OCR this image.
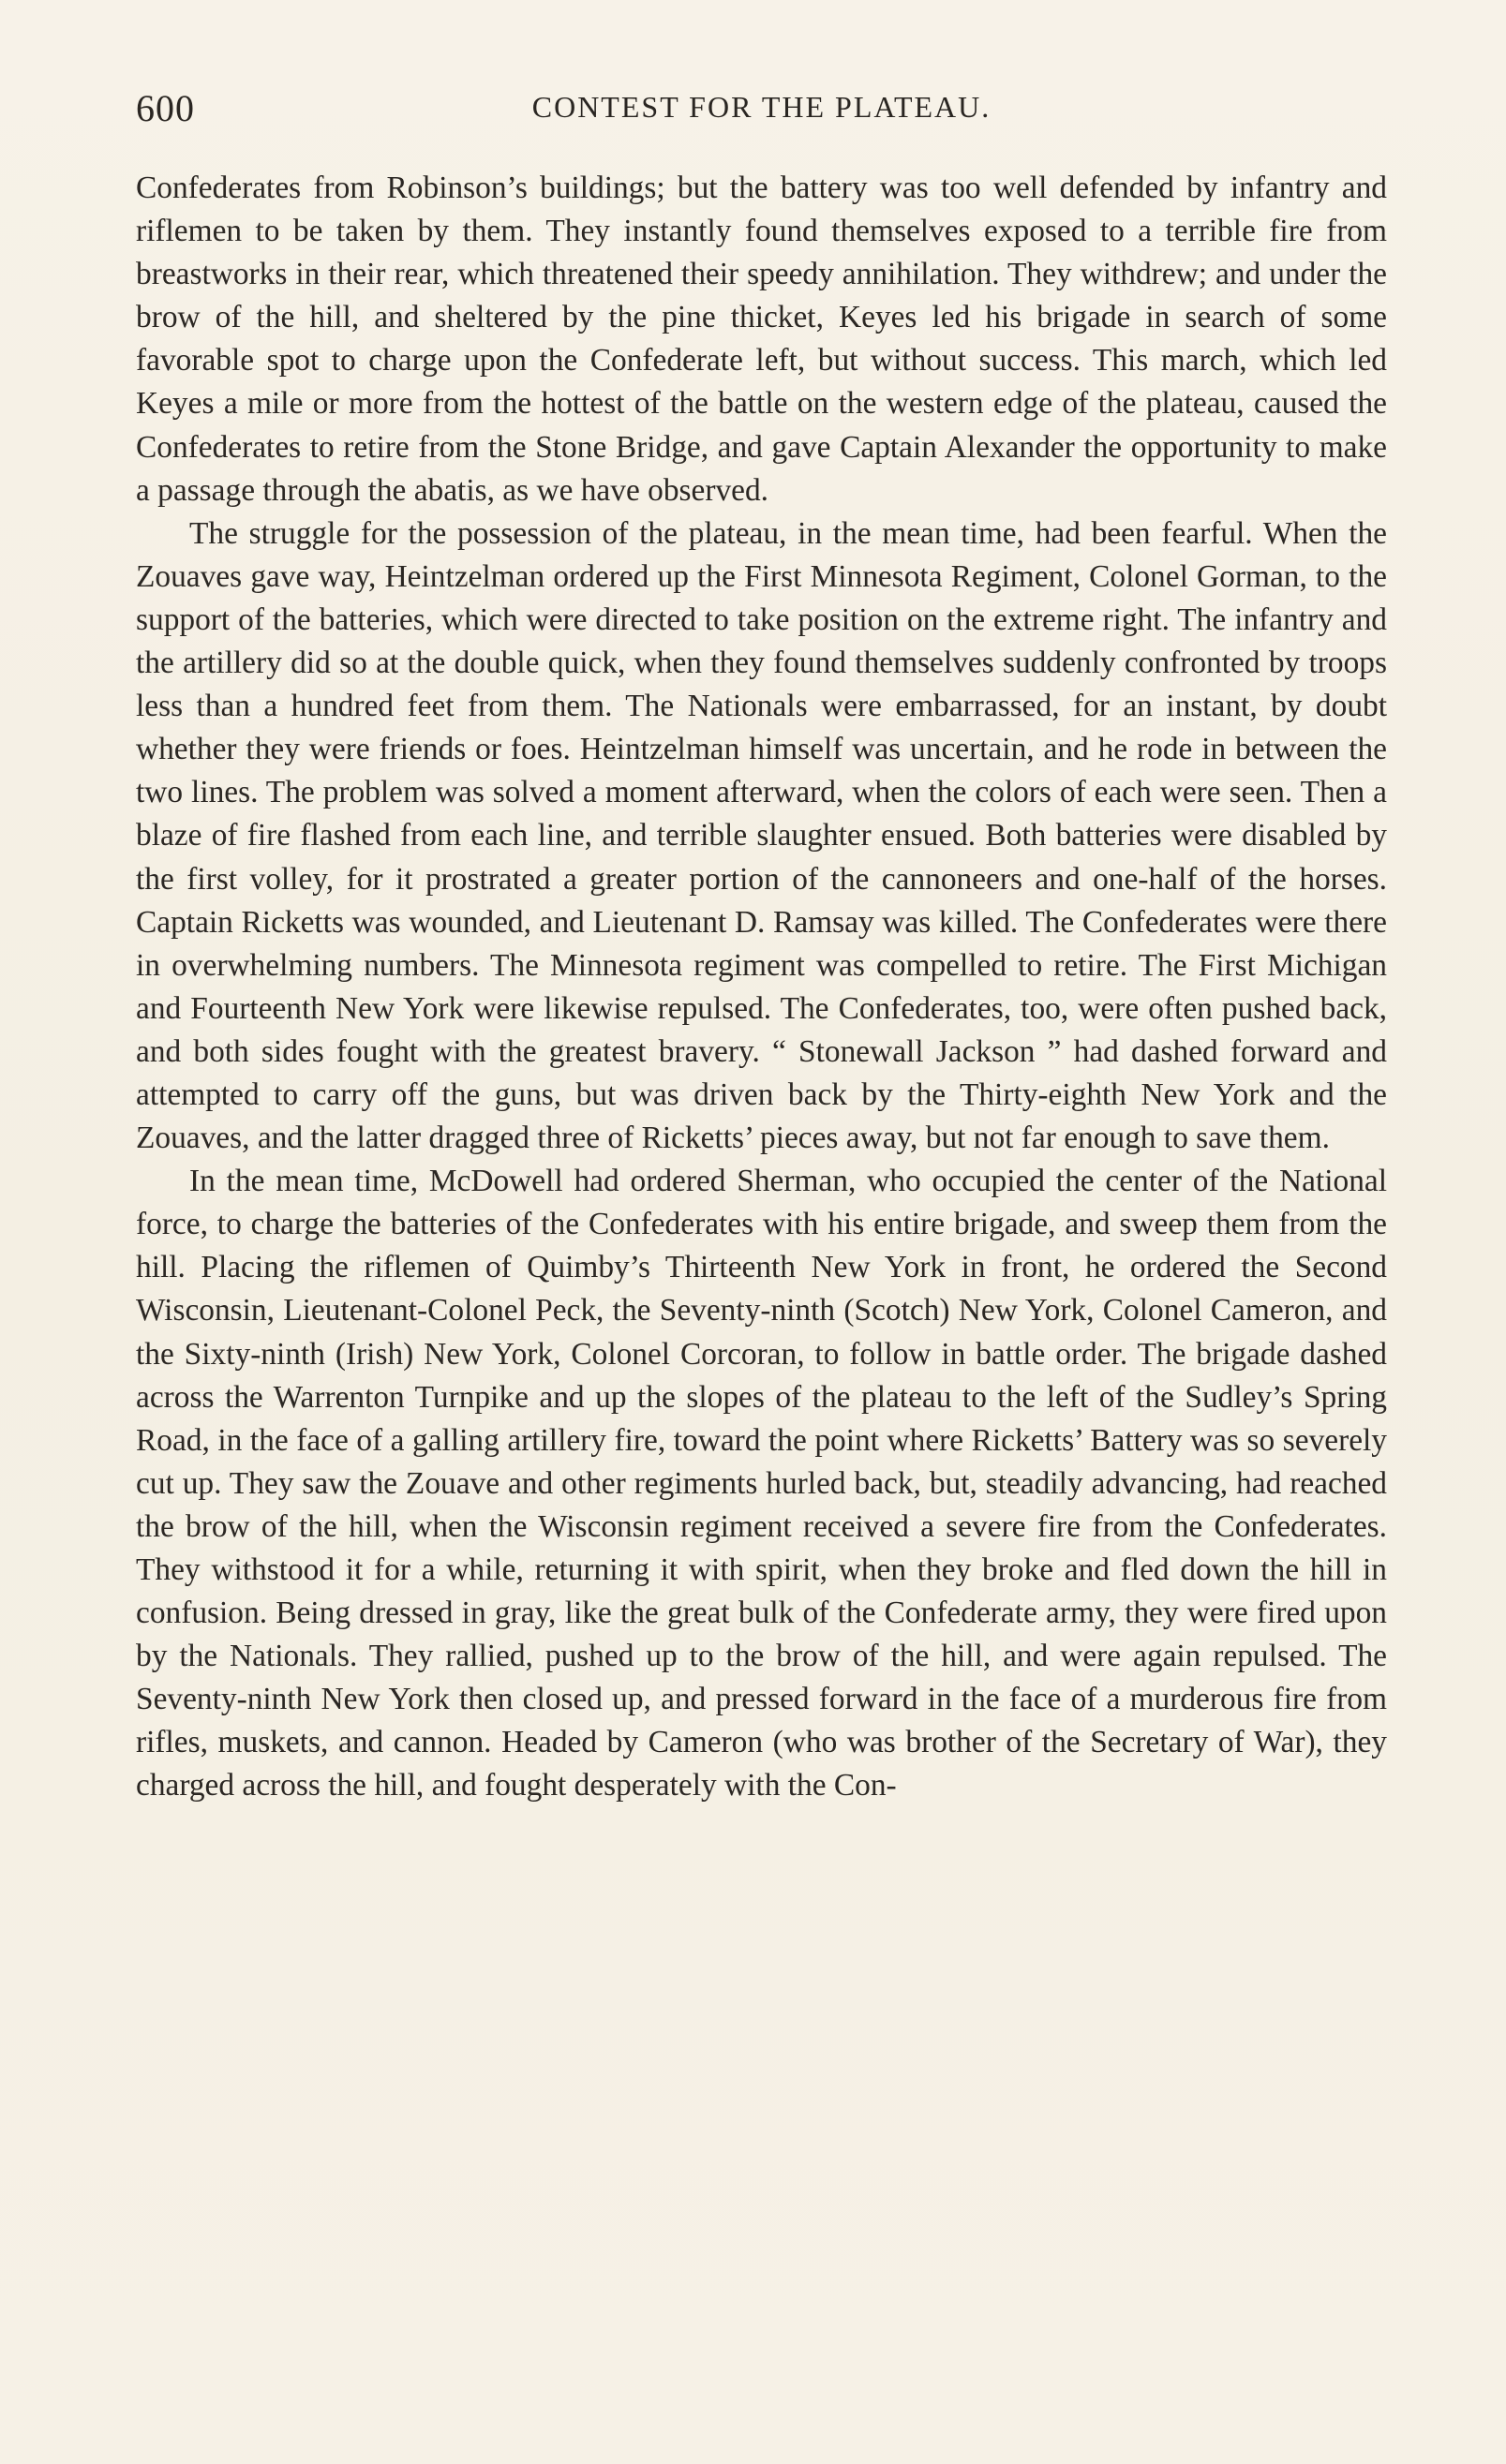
600	CONTEST FOR THE PLATEAU.

Confederates from Robinson’s buildings; but the battery was too well defended by infantry and riflemen to be taken by them. They instantly found themselves exposed to a terrible fire from breastworks in their rear, which threatened their speedy annihilation. They withdrew; and under the brow of the hill, and sheltered by the pine thicket, Keyes led his brigade in search of some favorable spot to charge upon the Confederate left, but without success. This march, which led Keyes a mile or more from the hottest of the battle on the western edge of the plateau, caused the Confederates to retire from the Stone Bridge, and gave Captain Alexander the opportunity to make a passage through the abatis, as we have observed.

The struggle for the possession of the plateau, in the mean time, had been fearful. When the Zouaves gave way, Heintzelman ordered up the First Minnesota Regiment, Colonel Gorman, to the support of the batteries, which were directed to take position on the extreme right. The infantry and the artillery did so at the double quick, when they found themselves suddenly confronted by troops less than a hundred feet from them. The Nationals were embarrassed, for an instant, by doubt whether they were friends or foes. Heintzelman himself was uncertain, and he rode in between the two lines. The problem was solved a moment afterward, when the colors of each were seen. Then a blaze of fire flashed from each line, and terrible slaughter ensued. Both batteries were disabled by the first volley, for it prostrated a greater portion of the cannoneers and one-half of the horses. Captain Ricketts was wounded, and Lieutenant D. Ramsay was killed. The Confederates were there in overwhelming numbers. The Minnesota regiment was compelled to retire. The First Michigan and Fourteenth New York were likewise repulsed. The Confederates, too, were often pushed back, and both sides fought with the greatest bravery. “ Stonewall Jackson ” had dashed forward and attempted to carry off the guns, but was driven back by the Thirty-eighth New York and the Zouaves, and the latter dragged three of Ricketts’ pieces away, but not far enough to save them.

In the mean time, McDowell had ordered Sherman, who occupied the center of the National force, to charge the batteries of the Confederates with his entire brigade, and sweep them from the hill. Placing the riflemen of Quimby’s Thirteenth New York in front, he ordered the Second Wisconsin, Lieutenant-Colonel Peck, the Seventy-ninth (Scotch) New York, Colonel Cameron, and the Sixty-ninth (Irish) New York, Colonel Corcoran, to follow in battle order. The brigade dashed across the Warrenton Turnpike and up the slopes of the plateau to the left of the Sudley’s Spring Road, in the face of a galling artillery fire, toward the point where Ricketts’ Battery was so severely cut up. They saw the Zouave and other regiments hurled back, but, steadily advancing, had reached the brow of the hill, when the Wisconsin regiment received a severe fire from the Confederates. They withstood it for a while, returning it with spirit, when they broke and fled down the hill in confusion. Being dressed in gray, like the great bulk of the Confederate army, they were fired upon by the Nationals. They rallied, pushed up to the brow of the hill, and were again repulsed. The Seventy-ninth New York then closed up, and pressed forward in the face of a murderous fire from rifles, muskets, and cannon. Headed by Cameron (who was brother of the Secretary of War), they charged across the hill, and fought desperately with the Con-
